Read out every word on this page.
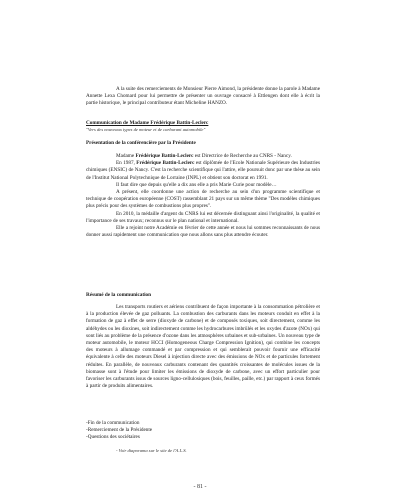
A la suite des remerciements de Monsieur Pierre Aimond, la présidente donne la parole à Madame Annette Lexa Chomard pour lui permettre de présenter un ouvrage consacré à Ettlengen dont elle à écrit la partie historique, le principal contributeur étant Micheline HANZO.

Communication de Madame Frédérique Battin-Leclerc
"Vers des nouveaux types de moteur et de carburant automobile"
Présentation de la conférencière par la Présidente

Madame Frédérique Battin-Leclerc est Directrice de Recherche au CNRS - Nancy.

En 1987, Frédérique Battin-Leclerc est diplômée de l'Ecole Nationale Supérieure des Industries chimiques (ENSIC) de Nancy. C'est la recherche scientifique qui l'attire, elle poursuit donc par une thèse au sein de l'Institut National Polytechnique de Lorraine (INPL) et obtient son doctorat en 1991.

Il faut dire que depuis qu'elle a dix ans elle a pris Marie Curie pour modèle…

A présent, elle coordonne une action de recherche au sein d'un programme scientifique et technique de coopération européenne (COST) rassemblant 21 pays sur un même thème "Des modèles chimiques plus précis pour des systèmes de combustions plus propres".

En 2010, la médaille d'argent du CNRS lui est décernée distinguant ainsi l'originalité, la qualité et l'importance de ses travaux; reconnus sur le plan national et international.

Elle a rejoint notre Académie en février de cette année et nous lui sommes reconnaissants de nous donner aussi rapidement une communication que nous allons sans plus attendre écouter.

Résumé de la communication

Les transports routiers et aériens contribuent de façon importante à la consommation pétrolière et à la production élevée de gaz polluants. La combustion des carburants dans les moteurs conduit en effet à la formation de gaz à effet de serre (dioxyde de carbone) et de composés toxiques, soit directement, comme les aldéhydes ou les dioxines, soit indirectement comme les hydrocarbures imbrûlés et les oxydes d'azote (NOx) qui sont liés au problème de la présence d'ozone dans les atmosphères urbaines et sub-urbaines. Un nouveau type de moteur automobile, le moteur HCCI (Homogeneous Charge Compression Ignition), qui combine les concepts des moteurs à allumage commandé et par compression et qui semblerait pouvoir fournir une efficacité équivalente à celle des moteurs Diesel à injection directe avec des émissions de NOx et de particules fortement réduites. En parallèle, de nouveaux carburants contenant des quantités croissantes de molécules issues de la biomasse sont à l'étude pour limiter les émissions de dioxyde de carbone, avec un effort particulier pour favoriser les carburants issus de sources ligno-cellulosiques (bois, feuilles, paille, etc.) par rapport à ceux formés à partir de produits alimentaires.

-Fin de la communication

-Remerciement de la Présidente

-Questions des sociétaires

- Voir diaporama sur le site de l'A.L.S.
- 81 -
